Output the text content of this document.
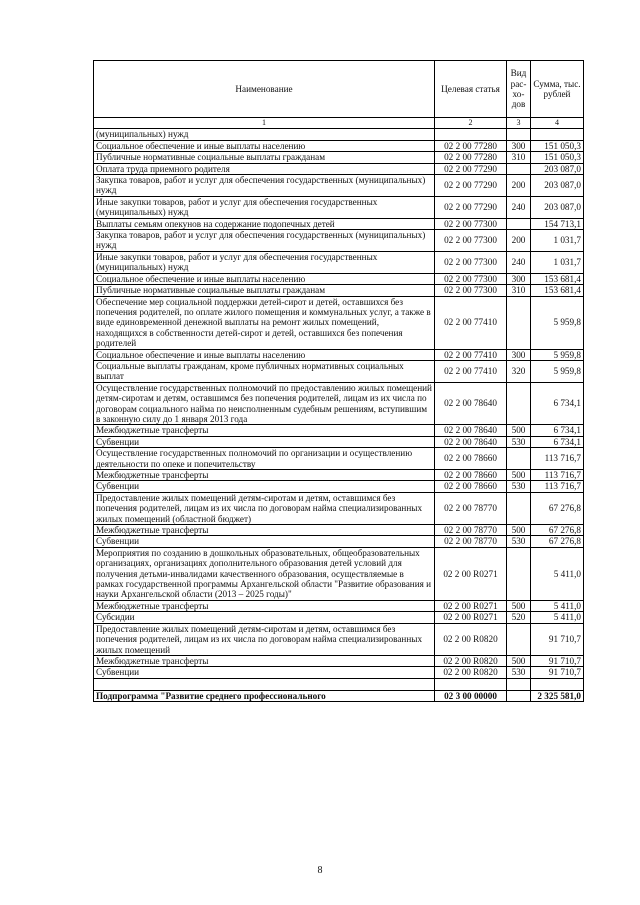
Наименование	Целевая статья	Вид рас-хо-дов	Сумма, тыс. рублей
1	2	3	4
(муниципальных) нужд			
Социальное обеспечение и иные выплаты населению	02 2 00 77280	300	151 050,3
Публичные нормативные социальные выплаты гражданам	02 2 00 77280	310	151 050,3
Оплата труда приемного родителя	02 2 00 77290		203 087,0
Закупка товаров, работ и услуг для обеспечения государственных (муниципальных) нужд	02 2 00 77290	200	203 087,0
Иные закупки товаров, работ и услуг для обеспечения государственных (муниципальных) нужд	02 2 00 77290	240	203 087,0
Выплаты семьям опекунов на содержание подопечных детей	02 2 00 77300		154 713,1
Закупка товаров, работ и услуг для обеспечения государственных (муниципальных) нужд	02 2 00 77300	200	1 031,7
Иные закупки товаров, работ и услуг для обеспечения государственных (муниципальных) нужд	02 2 00 77300	240	1 031,7
Социальное обеспечение и иные выплаты населению	02 2 00 77300	300	153 681,4
Публичные нормативные социальные выплаты гражданам	02 2 00 77300	310	153 681,4
Обеспечение мер социальной поддержки детей-сирот и детей, оставшихся без попечения родителей, по оплате жилого помещения и коммунальных услуг, а также в виде единовременной денежной выплаты на ремонт жилых помещений, находящихся в собственности детей-сирот и детей, оставшихся без попечения родителей	02 2 00 77410		5 959,8
Социальное обеспечение и иные выплаты населению	02 2 00 77410	300	5 959,8
Социальные выплаты гражданам, кроме публичных нормативных социальных выплат	02 2 00 77410	320	5 959,8
Осуществление государственных полномочий по предоставлению жилых помещений детям-сиротам и детям, оставшимся без попечения родителей, лицам из их числа по договорам социального найма по неисполненным судебным решениям, вступившим в законную силу до 1 января 2013 года	02 2 00 78640		6 734,1
Межбюджетные трансферты	02 2 00 78640	500	6 734,1
Субвенции	02 2 00 78640	530	6 734,1
Осуществление государственных полномочий по организации и осуществлению деятельности по опеке и попечительству	02 2 00 78660		113 716,7
Межбюджетные трансферты	02 2 00 78660	500	113 716,7
Субвенции	02 2 00 78660	530	113 716,7
Предоставление жилых помещений детям-сиротам и детям, оставшимся без попечения родителей, лицам из их числа по договорам найма специализированных жилых помещений (областной бюджет)	02 2 00 78770		67 276,8
Межбюджетные трансферты	02 2 00 78770	500	67 276,8
Субвенции	02 2 00 78770	530	67 276,8
Мероприятия по созданию в дошкольных образовательных, общеобразовательных организациях, организациях дополнительного образования детей условий для получения детьми-инвалидами качественного образования, осуществляемые в рамках государственной программы Архангельской области "Развитие образования и науки Архангельской области (2013 – 2025 годы)"	02 2 00 R0271		5 411,0
Межбюджетные трансферты	02 2 00 R0271	500	5 411,0
Субсидии	02 2 00 R0271	520	5 411,0
Предоставление жилых помещений детям-сиротам и детям, оставшимся без попечения родителей, лицам из их числа по договорам найма специализированных жилых помещений	02 2 00 R0820		91 710,7
Межбюджетные трансферты	02 2 00 R0820	500	91 710,7
Субвенции	02 2 00 R0820	530	91 710,7

Подпрограмма "Развитие среднего профессионального	02 3 00 00000		2 325 581,0
8
